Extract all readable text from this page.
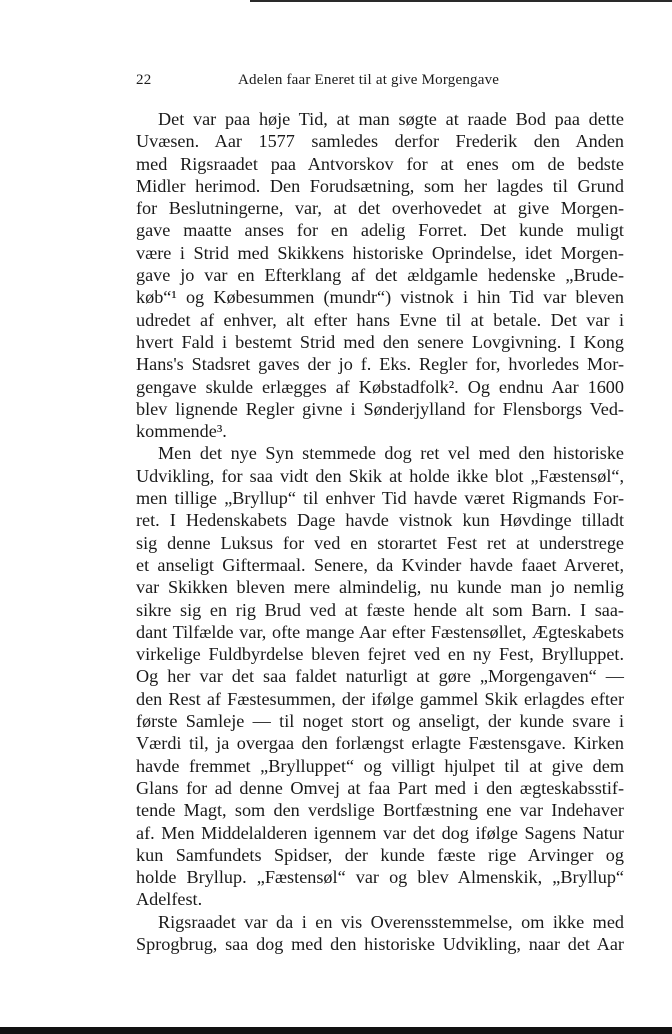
22	Adelen faar Eneret til at give Morgengave
Det var paa høje Tid, at man søgte at raade Bod paa dette
Uvæsen. Aar 1577 samledes derfor Frederik den Anden
med Rigsraadet paa Antvorskov for at enes om de bedste
Midler herimod. Den Forudsætning, som her lagdes til Grund
for Beslutningerne, var, at det overhovedet at give Morgen-
gave maatte anses for en adelig Forret. Det kunde muligt
være i Strid med Skikkens historiske Oprindelse, idet Morgen-
gave jo var en Efterklang af det ældgamle hedenske „Brude-
køb“¹ og Købesummen (mundr“) vistnok i hin Tid var bleven
udredet af enhver, alt efter hans Evne til at betale. Det var i
hvert Fald i bestemt Strid med den senere Lovgivning. I Kong
Hans's Stadsret gaves der jo f. Eks. Regler for, hvorledes Mor-
gengave skulde erlægges af Købstadfolk². Og endnu Aar 1600
blev lignende Regler givne i Sønderjylland for Flensborgs Ved-
kommende³.
Men det nye Syn stemmede dog ret vel med den historiske
Udvikling, for saa vidt den Skik at holde ikke blot „Fæstensøl“,
men tillige „Bryllup“ til enhver Tid havde været Rigmands For-
ret. I Hedenskabets Dage havde vistnok kun Høvdinge tilladt
sig denne Luksus for ved en storartet Fest ret at understrege
et anseligt Giftermaal. Senere, da Kvinder havde faaet Arveret,
var Skikken bleven mere almindelig, nu kunde man jo nemlig
sikre sig en rig Brud ved at fæste hende alt som Barn. I saa-
dant Tilfælde var, ofte mange Aar efter Fæstensøllet, Ægteskabets
virkelige Fuldbyrdelse bleven fejret ved en ny Fest, Brylluppet.
Og her var det saa faldet naturligt at gøre „Morgengaven“ —
den Rest af Fæstesummen, der ifølge gammel Skik erlagdes efter
første Samleje — til noget stort og anseligt, der kunde svare i
Værdi til, ja overgaa den forlængst erlagte Fæstensgave. Kirken
havde fremmet „Brylluppet“ og villigt hjulpet til at give dem
Glans for ad denne Omvej at faa Part med i den ægteskabsstif-
tende Magt, som den verdslige Bortfæstning ene var Indehaver
af. Men Middelalderen igennem var det dog ifølge Sagens Natur
kun Samfundets Spidser, der kunde fæste rige Arvinger og
holde Bryllup. „Fæstensøl“ var og blev Almenskik, „Bryllup“
Adelfest.
Rigsraadet var da i en vis Overensstemmelse, om ikke med
Sprogbrug, saa dog med den historiske Udvikling, naar det Aar
